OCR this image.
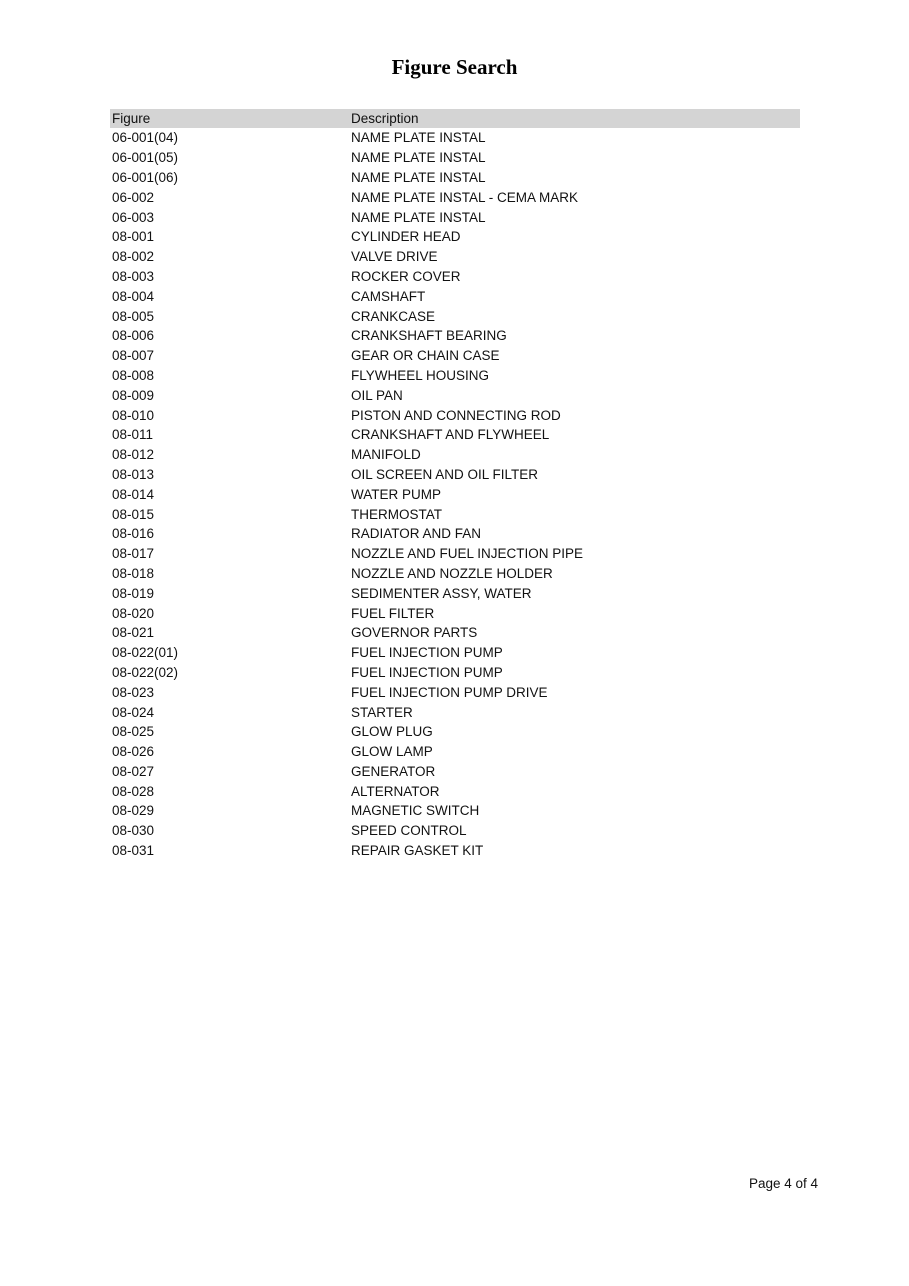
Figure Search
Figure	Description
06-001(04)	NAME PLATE INSTAL
06-001(05)	NAME PLATE INSTAL
06-001(06)	NAME PLATE INSTAL
06-002	NAME PLATE INSTAL - CEMA MARK
06-003	NAME PLATE INSTAL
08-001	CYLINDER HEAD
08-002	VALVE DRIVE
08-003	ROCKER COVER
08-004	CAMSHAFT
08-005	CRANKCASE
08-006	CRANKSHAFT BEARING
08-007	GEAR OR CHAIN CASE
08-008	FLYWHEEL HOUSING
08-009	OIL PAN
08-010	PISTON AND CONNECTING ROD
08-011	CRANKSHAFT AND FLYWHEEL
08-012	MANIFOLD
08-013	OIL SCREEN AND OIL FILTER
08-014	WATER PUMP
08-015	THERMOSTAT
08-016	RADIATOR AND FAN
08-017	NOZZLE AND FUEL INJECTION PIPE
08-018	NOZZLE AND NOZZLE HOLDER
08-019	SEDIMENTER ASSY, WATER
08-020	FUEL FILTER
08-021	GOVERNOR PARTS
08-022(01)	FUEL INJECTION PUMP
08-022(02)	FUEL INJECTION PUMP
08-023	FUEL INJECTION PUMP DRIVE
08-024	STARTER
08-025	GLOW PLUG
08-026	GLOW LAMP
08-027	GENERATOR
08-028	ALTERNATOR
08-029	MAGNETIC SWITCH
08-030	SPEED CONTROL
08-031	REPAIR GASKET KIT
Page 4 of 4
